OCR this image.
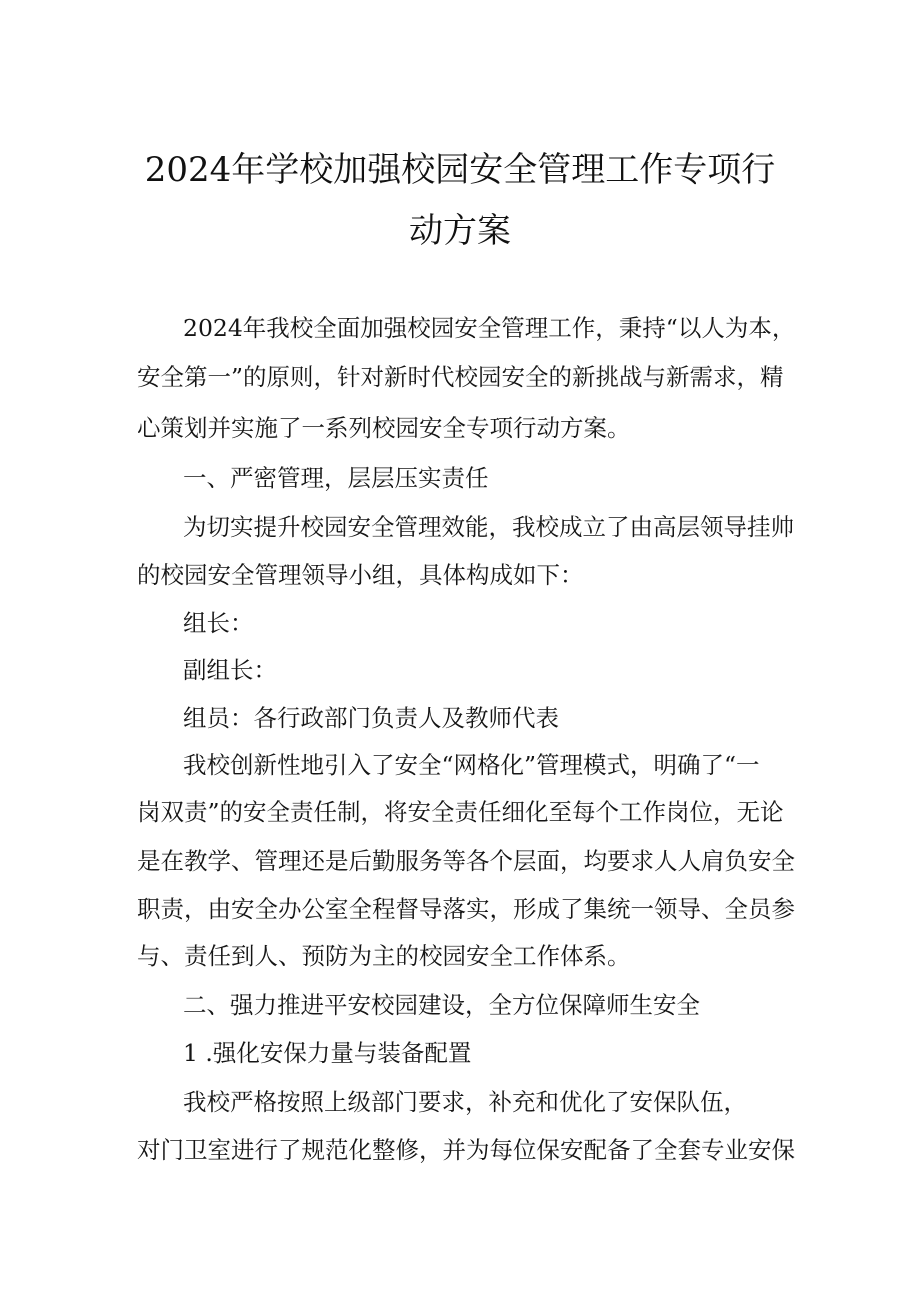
2024年学校加强校园安全管理工作专项行
动方案
2024年我校全面加强校园安全管理工作，秉持“以人为本，
安全第一”的原则，针对新时代校园安全的新挑战与新需求，精
心策划并实施了一系列校园安全专项行动方案。
一、严密管理，层层压实责任
为切实提升校园安全管理效能，我校成立了由高层领导挂帅
的校园安全管理领导小组，具体构成如下：
组长：
副组长：
组员：各行政部门负责人及教师代表
我校创新性地引入了安全“网格化”管理模式，明确了“一
岗双责”的安全责任制，将安全责任细化至每个工作岗位，无论
是在教学、管理还是后勤服务等各个层面，均要求人人肩负安全
职责，由安全办公室全程督导落实，形成了集统一领导、全员参
与、责任到人、预防为主的校园安全工作体系。
二、强力推进平安校园建设，全方位保障师生安全
1 .强化安保力量与装备配置
我校严格按照上级部门要求，补充和优化了安保队伍，
对门卫室进行了规范化整修，并为每位保安配备了全套专业安保
